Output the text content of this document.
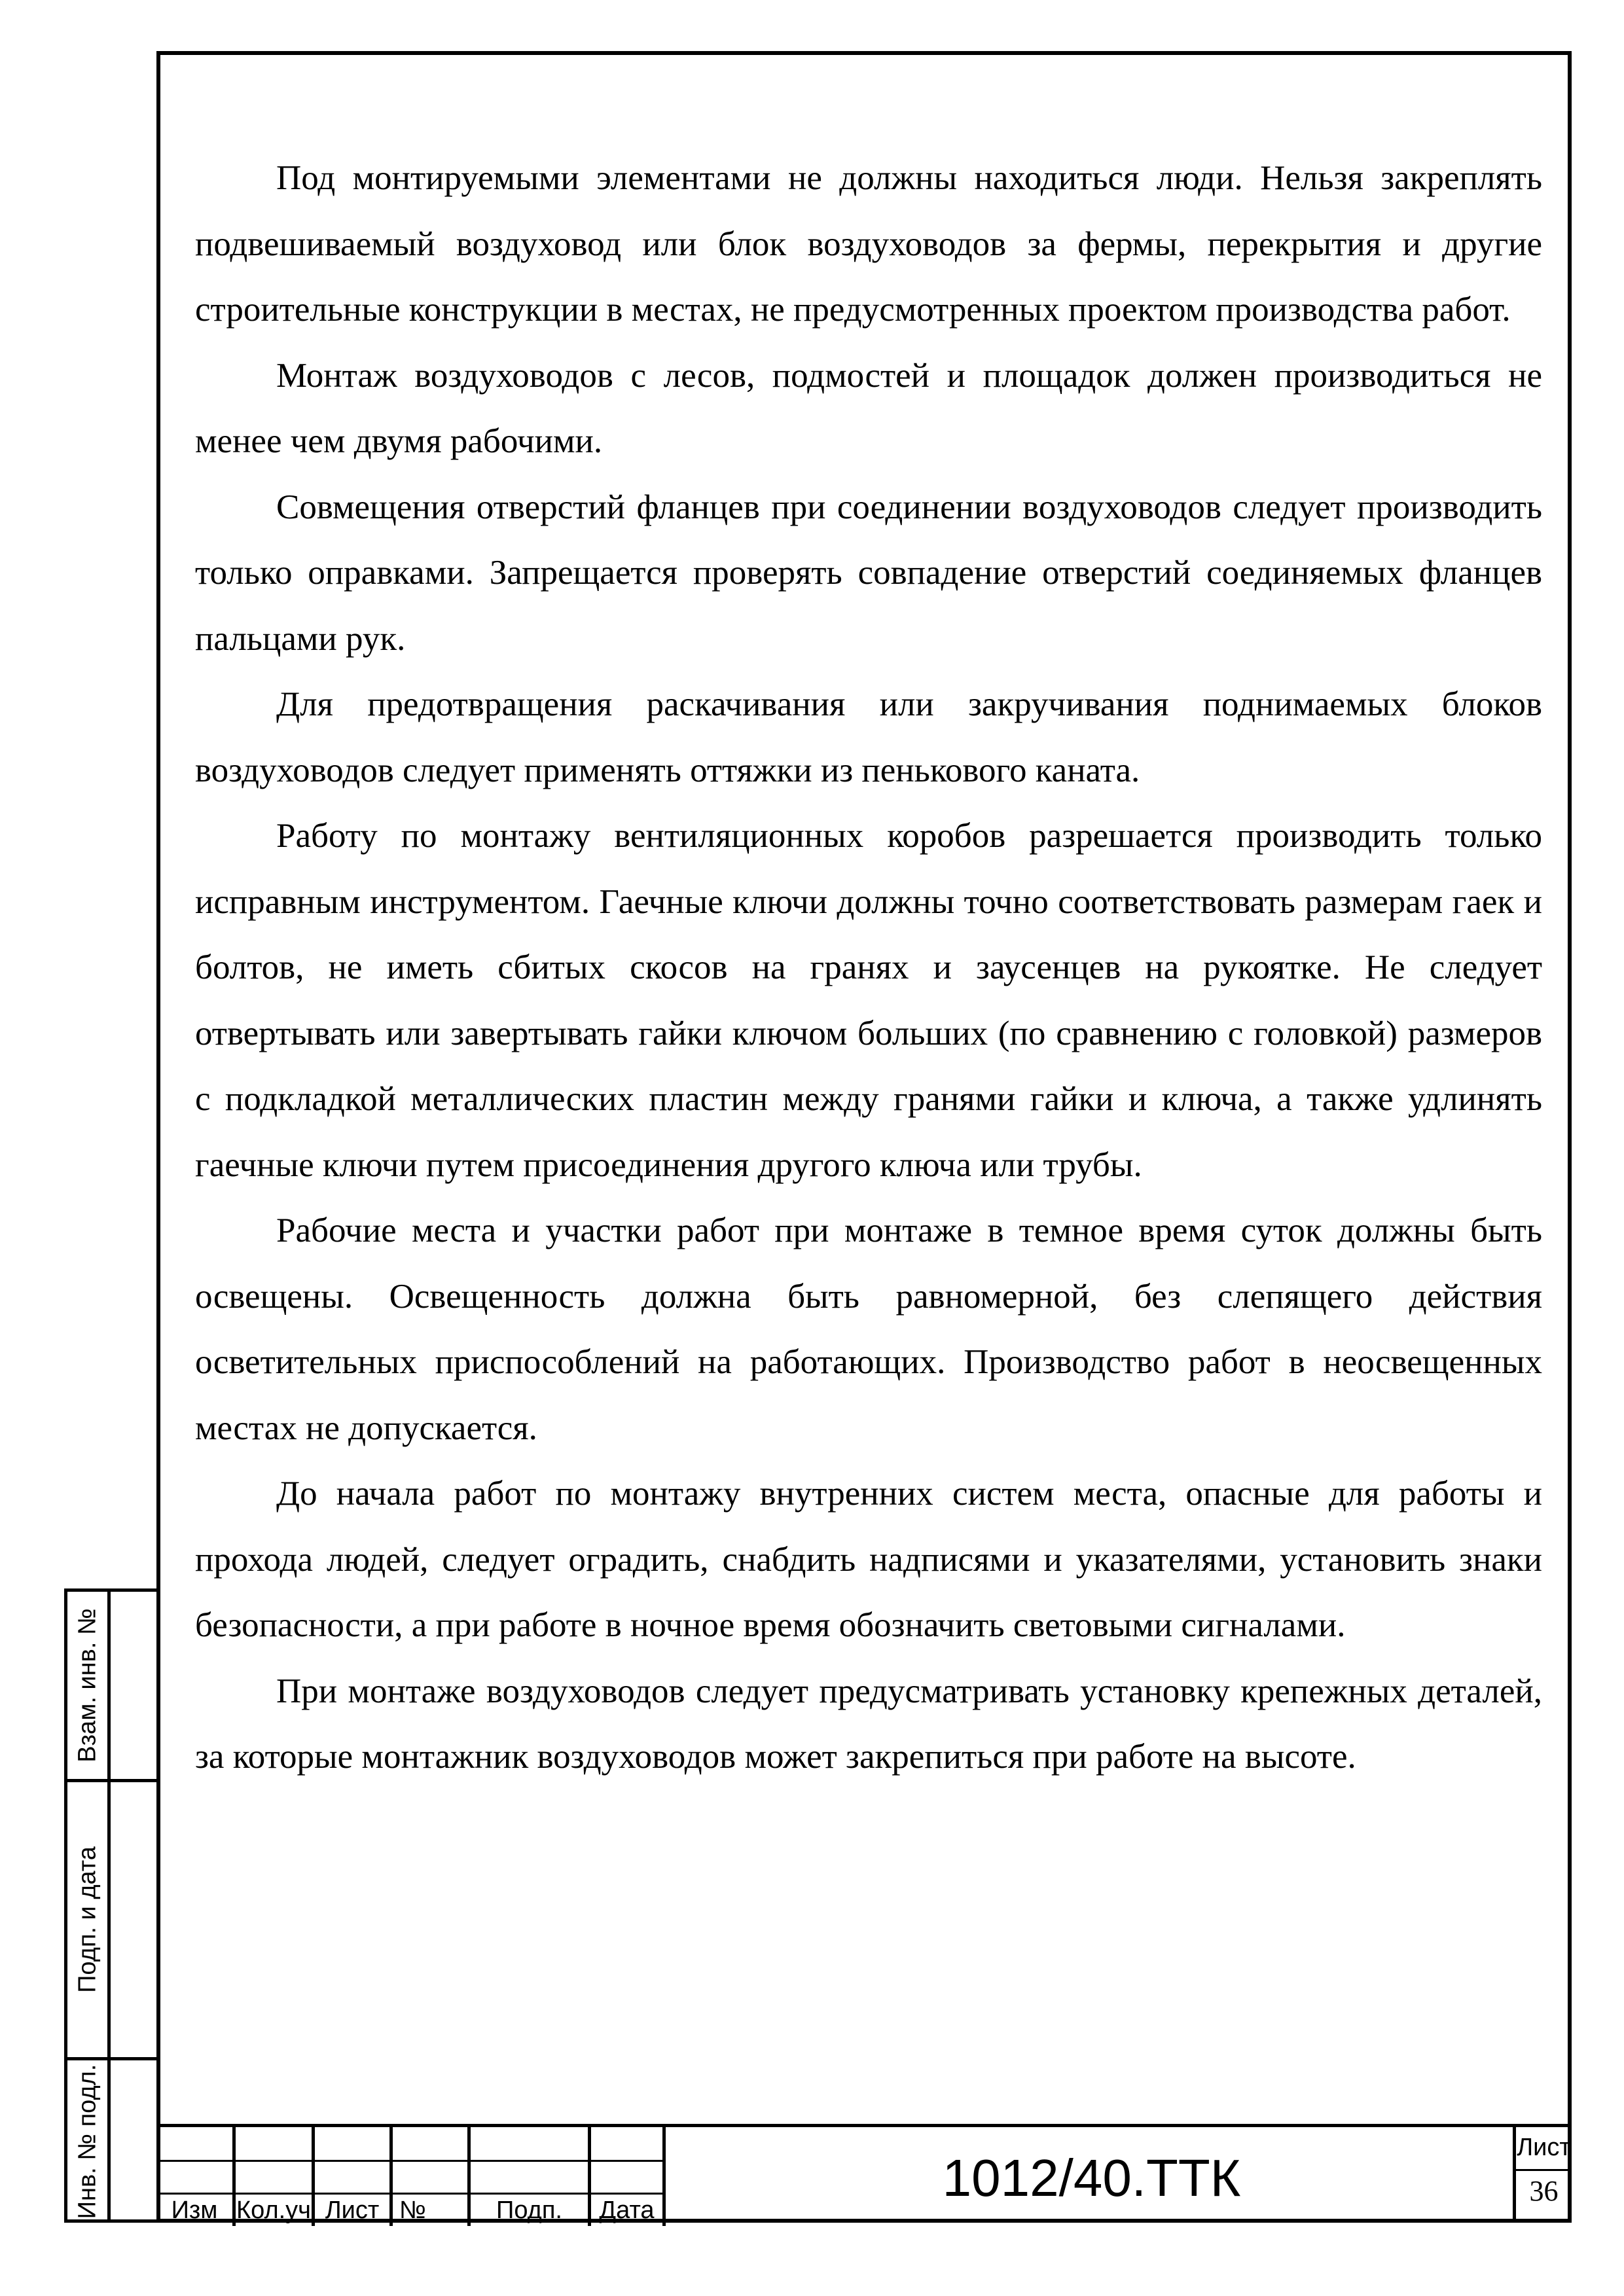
Под монтируемыми элементами не должны находиться люди. Нельзя закреплять подвешиваемый воздуховод или блок воздуховодов за фермы, перекрытия и другие строительные конструкции в местах, не предусмотренных проектом производства работ.

Монтаж воздуховодов с лесов, подмостей и площадок должен производиться не менее чем двумя рабочими.

Совмещения отверстий фланцев при соединении воздуховодов следует производить только оправками. Запрещается проверять совпадение отверстий соединяемых фланцев пальцами рук.

Для предотвращения раскачивания или закручивания поднимаемых блоков воздуховодов следует применять оттяжки из пенькового каната.

Работу по монтажу вентиляционных коробов разрешается производить только исправным инструментом. Гаечные ключи должны точно соответствовать размерам гаек и болтов, не иметь сбитых скосов на гранях и заусенцев на рукоятке. Не следует отвертывать или завертывать гайки ключом больших (по сравнению с головкой) размеров с подкладкой металлических пластин между гранями гайки и ключа, а также удлинять гаечные ключи путем присоединения другого ключа или трубы.

Рабочие места и участки работ при монтаже в темное время суток должны быть освещены. Освещенность должна быть равномерной, без слепящего действия осветительных приспособлений на работающих. Производство работ в неосвещенных местах не допускается.

До начала работ по монтажу внутренних систем места, опасные для работы и прохода людей, следует оградить, снабдить надписями и указателями, установить знаки безопасности, а при работе в ночное время обозначить световыми сигналами.

При монтаже воздуховодов следует предусматривать установку крепежных деталей, за которые монтажник воздуховодов может закрепиться при работе на высоте.

Взам. инв. №
Подп. и дата
Инв. № подл.	Изм Кол.уч Лист №	Подп.	Дата
1012/40.ТТК
Лист
36
